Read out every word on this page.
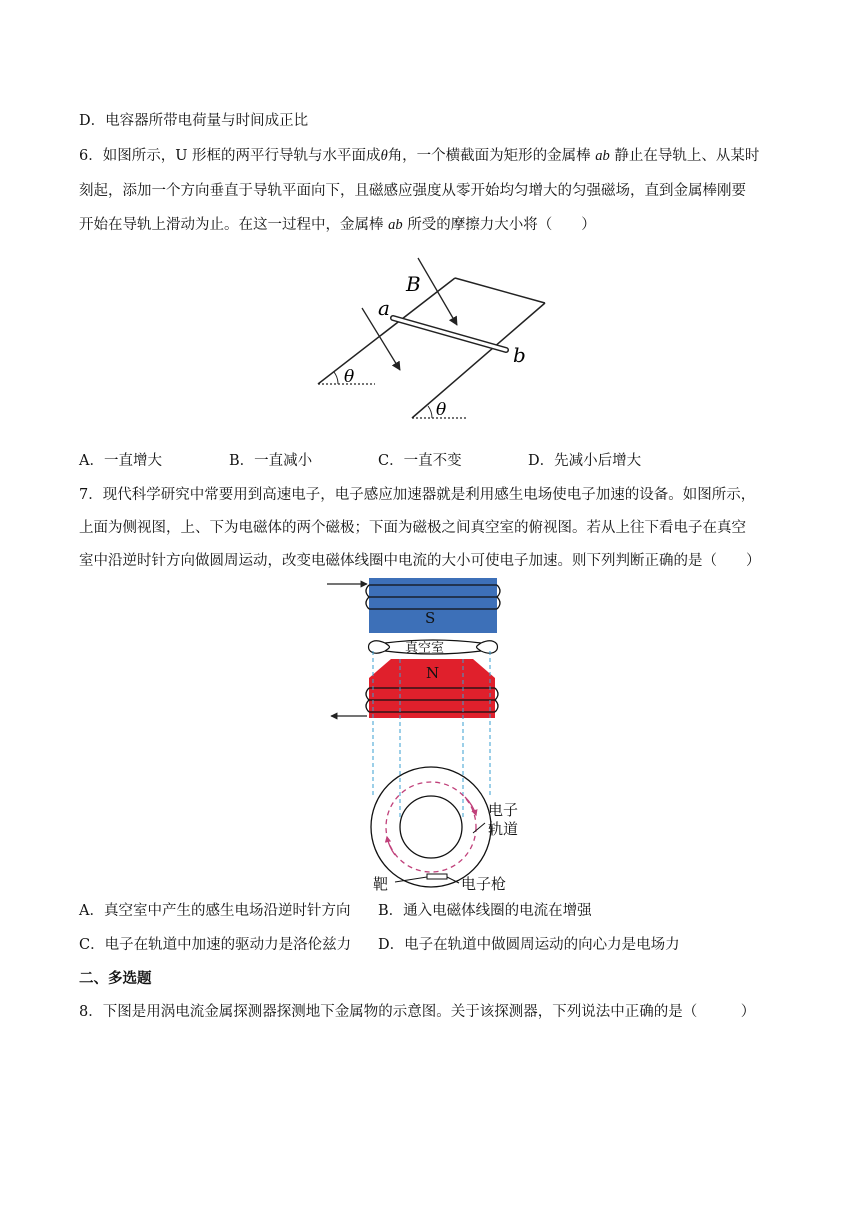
D．电容器所带电荷量与时间成正比
6．如图所示，U 形框的两平行导轨与水平面成θ角，一个横截面为矩形的金属棒 ab 静止在导轨上、从某时
刻起，添加一个方向垂直于导轨平面向下，且磁感应强度从零开始均匀增大的匀强磁场，直到金属棒刚要
开始在导轨上滑动为止。在这一过程中，金属棒 ab 所受的摩擦力大小将（　　）
B
a
b
θ
θ
A．一直增大	B．一直减小	C．一直不变	D．先减小后增大
7．现代科学研究中常要用到高速电子，电子感应加速器就是利用感生电场使电子加速的设备。如图所示，
上面为侧视图，上、下为电磁体的两个磁极；下面为磁极之间真空室的俯视图。若从上往下看电子在真空
室中沿逆时针方向做圆周运动，改变电磁体线圈中电流的大小可使电子加速。则下列判断正确的是（　　）
S
真空室
N
电子
轨道
靶	电子枪
A．真空室中产生的感生电场沿逆时针方向 B．通入电磁体线圈的电流在增强
C．电子在轨道中加速的驱动力是洛伦兹力 D．电子在轨道中做圆周运动的向心力是电场力
二、多选题
8．下图是用涡电流金属探测器探测地下金属物的示意图。关于该探测器，下列说法中正确的是（　　　）
